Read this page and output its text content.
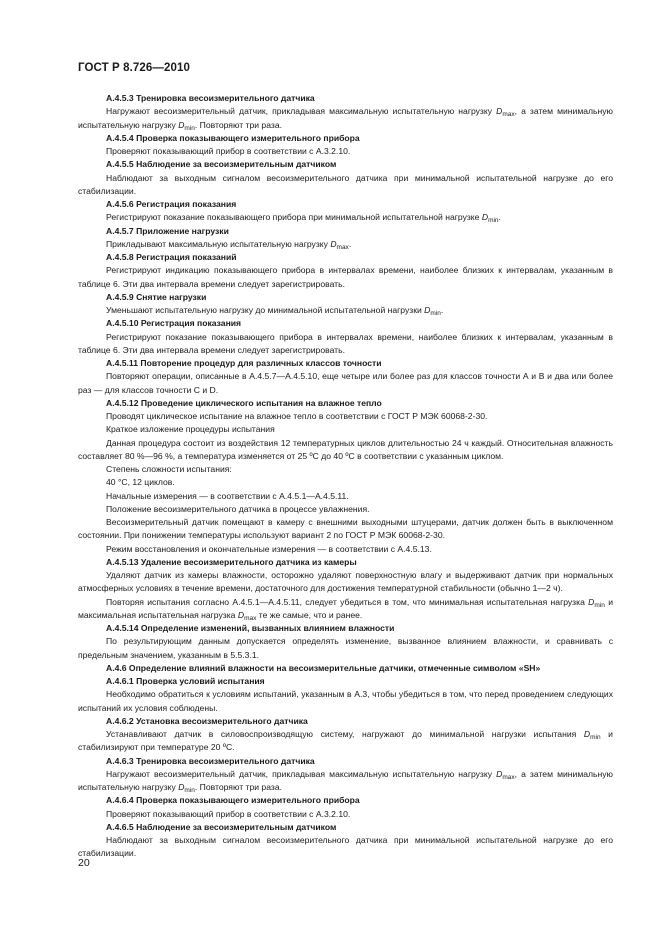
ГОСТ Р 8.726—2010

А.4.5.3 Тренировка весоизмерительного датчика

Нагружают весоизмерительный датчик, прикладывая максимальную испытательную нагрузку $D_{max}$, а затем минимальную испытательную нагрузку $D_{min}$. Повторяют три раза.

А.4.5.4 Проверка показывающего измерительного прибора

Проверяют показывающий прибор в соответствии с А.3.2.10.

А.4.5.5 Наблюдение за весоизмерительным датчиком

Наблюдают за выходным сигналом весоизмерительного датчика при минимальной испытательной нагрузке до его стабилизации.

А.4.5.6 Регистрация показания

Регистрируют показание показывающего прибора при минимальной испытательной нагрузке $D_{min}$.

А.4.5.7 Приложение нагрузки

Прикладывают максимальную испытательную нагрузку $D_{max}$.

А.4.5.8 Регистрация показаний

Регистрируют индикацию показывающего прибора в интервалах времени, наиболее близких к интервалам, указанным в таблице 6. Эти два интервала времени следует зарегистрировать.

А.4.5.9 Снятие нагрузки

Уменьшают испытательную нагрузку до минимальной испытательной нагрузки $D_{min}$.

А.4.5.10 Регистрация показания

Регистрируют показание показывающего прибора в интервалах времени, наиболее близких к интервалам, указанным в таблице 6. Эти два интервала времени следует зарегистрировать.

А.4.5.11 Повторение процедур для различных классов точности

Повторяют операции, описанные в А.4.5.7—А.4.5.10, еще четыре или более раз для классов точности А и В и два или более раз — для классов точности С и D.

А.4.5.12 Проведение циклического испытания на влажное тепло

Проводят циклическое испытание на влажное тепло в соответствии с ГОСТ Р МЭК 60068-2-30.

Краткое изложение процедуры испытания

Данная процедура состоит из воздействия 12 температурных циклов длительностью 24 ч каждый. Относительная влажность составляет 80 %—96 %, а температура изменяется от 25 ºС до 40 ºС в соответствии с указанным циклом.

Степень сложности испытания:

40 °С, 12 циклов.

Начальные измерения — в соответствии с А.4.5.1—А.4.5.11.

Положение весоизмерительного датчика в процессе увлажнения.

Весоизмерительный датчик помещают в камеру с внешними выходными штуцерами, датчик должен быть в выключенном состоянии. При понижении температуры используют вариант 2 по ГОСТ Р МЭК 60068-2-30.

Режим восстановления и окончательные измерения — в соответствии с А.4.5.13.

А.4.5.13 Удаление весоизмерительного датчика из камеры

Удаляют датчик из камеры влажности, осторожно удаляют поверхностную влагу и выдерживают датчик при нормальных атмосферных условиях в течение времени, достаточного для достижения температурной стабильности (обычно 1—2 ч).

Повторяя испытания согласно А.4.5.1—А.4.5.11, следует убедиться в том, что минимальная испытательная нагрузка $D_{min}$ и максимальная испытательная нагрузка $D_{max}$ те же самые, что и ранее.

А.4.5.14 Определение изменений, вызванных влиянием влажности

По результирующим данным допускается определять изменение, вызванное влиянием влажности, и сравнивать с предельным значением, указанным в 5.5.3.1.

А.4.6 Определение влияний влажности на весоизмерительные датчики, отмеченные символом «SH»

А.4.6.1 Проверка условий испытания

Необходимо обратиться к условиям испытаний, указанным в А.3, чтобы убедиться в том, что перед проведением следующих испытаний их условия соблюдены.

А.4.6.2 Установка весоизмерительного датчика

Устанавливают датчик в силовоспроизводящую систему, нагружают до минимальной нагрузки испытания $D_{min}$ и стабилизируют при температуре 20 ºС.

А.4.6.3 Тренировка весоизмерительного датчика

Нагружают весоизмерительный датчик, прикладывая максимальную испытательную нагрузку $D_{max}$, а затем минимальную испытательную нагрузку $D_{min}$. Повторяют три раза.

А.4.6.4 Проверка показывающего измерительного прибора

Проверяют показывающий прибор в соответствии с А.3.2.10.

А.4.6.5 Наблюдение за весоизмерительным датчиком

Наблюдают за выходным сигналом весоизмерительного датчика при минимальной испытательной нагрузке до его стабилизации.

20
